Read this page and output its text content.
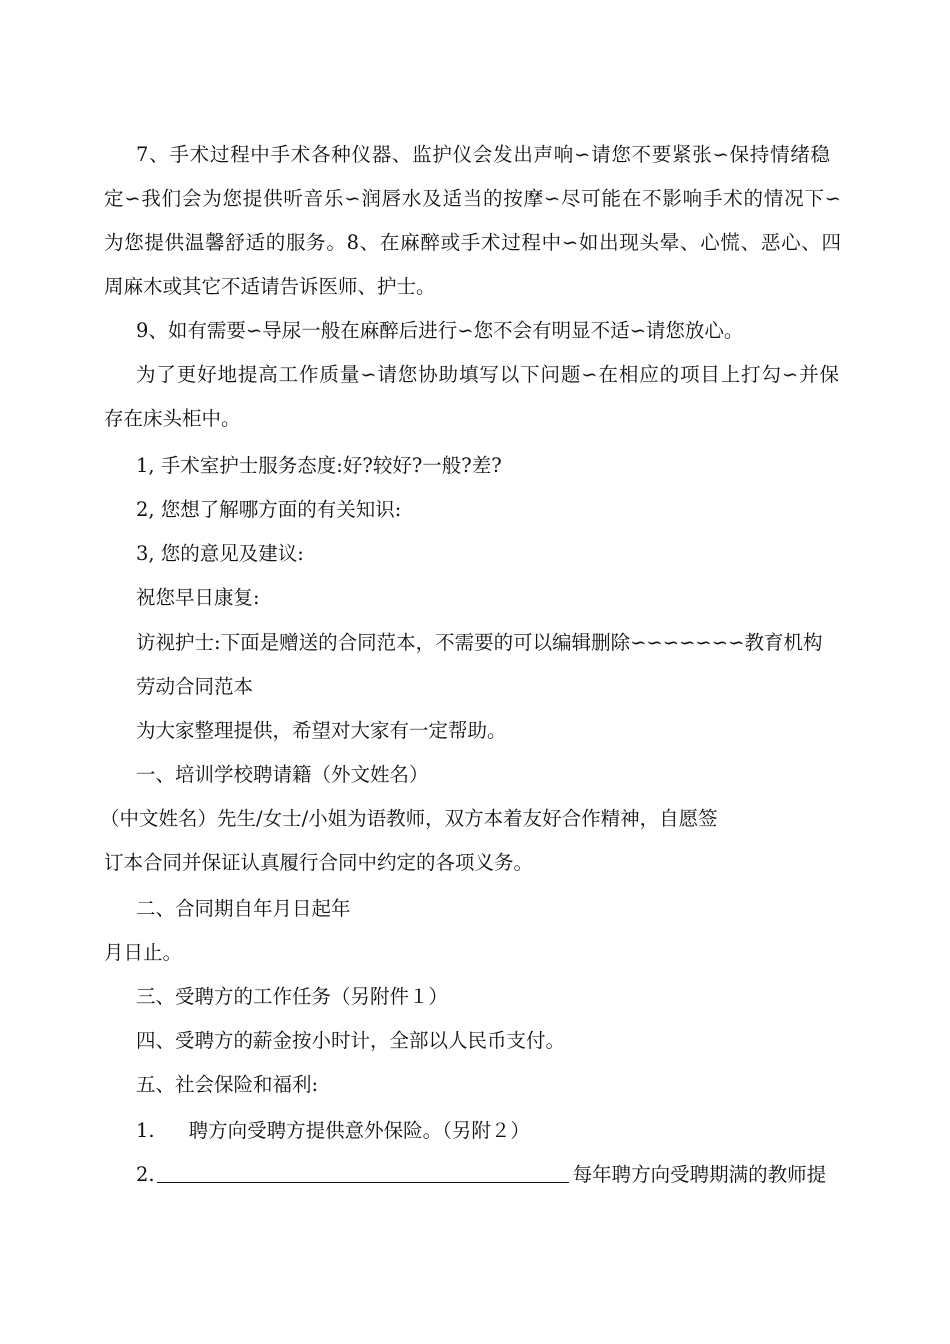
7、手术过程中手术各种仪器、监护仪会发出声响∽请您不要紧张∽保持情绪稳
定∽我们会为您提供听音乐∽润唇水及适当的按摩∽尽可能在不影响手术的情况下∽
为您提供温馨舒适的服务。8、在麻醉或手术过程中∽如出现头晕、心慌、恶心、四
周麻木或其它不适请告诉医师、护士。
9、如有需要∽导尿一般在麻醉后进行∽您不会有明显不适∽请您放心。
为了更好地提高工作质量∽请您协助填写以下问题∽在相应的项目上打勾∽并保
存在床头柜中。
1, 手术室护士服务态度:好?较好?一般?差?
2, 您想了解哪方面的有关知识:
3, 您的意见及建议:
祝您早日康复:
访视护士:下面是赠送的合同范本，不需要的可以编辑删除∽∽∽∽∽∽∽教育机构
劳动合同范本
为大家整理提供，希望对大家有一定帮助。
一、培训学校聘请籍（外文姓名）
（中文姓名）先生/女士/小姐为语教师，双方本着友好合作精神，自愿签
订本合同并保证认真履行合同中约定的各项义务。
二、合同期自年月日起年
月日止。
三、受聘方的工作任务（另附件１）
四、受聘方的薪金按小时计，全部以人民币支付。
五、社会保险和福利:
1. 聘方向受聘方提供意外保险。（另附２）
2.	每年聘方向受聘期满的教师提
